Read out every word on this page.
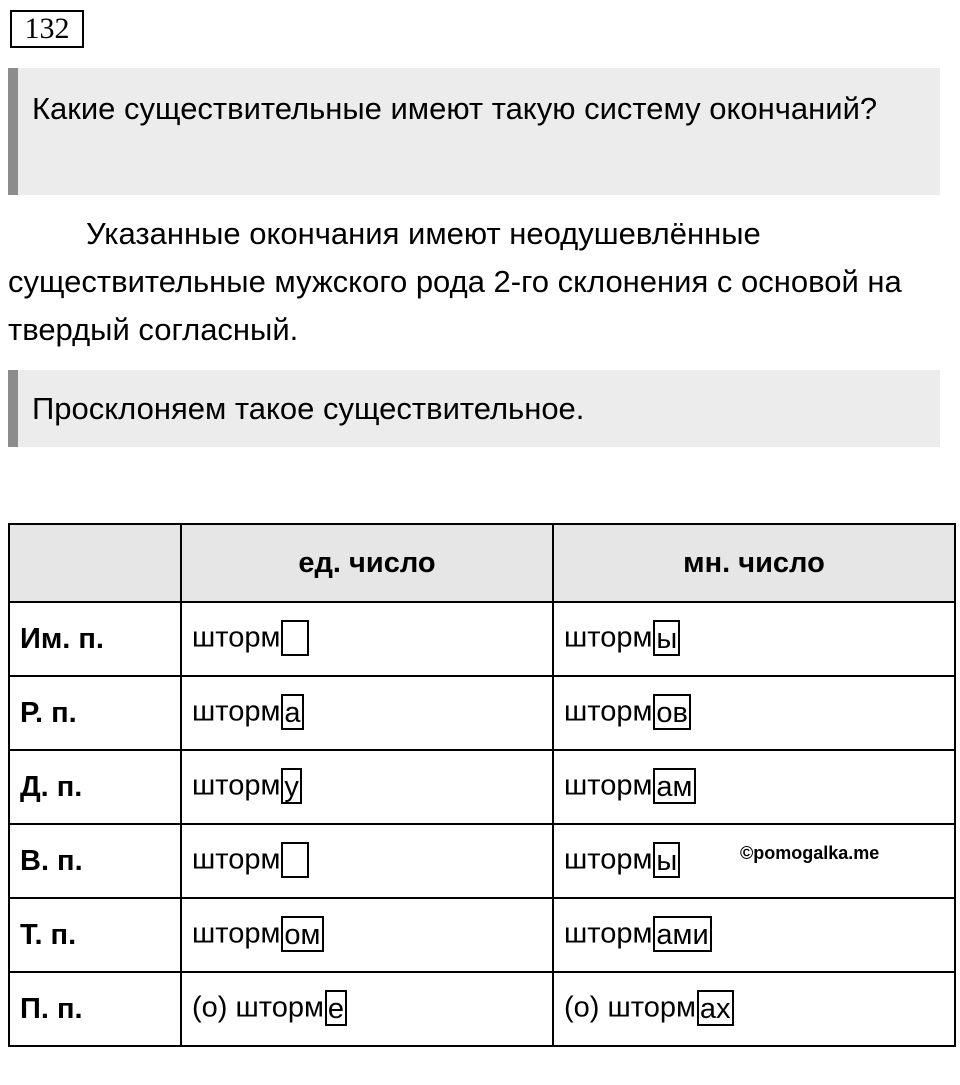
132
Какие существительные имеют такую систему окончаний?
Указанные окончания имеют неодушевлённые существительные мужского рода 2-го склонения с основой на твердый согласный.
Просклоняем такое существительное.
	ед. число	мн. число
Им. п.	шторм	шторм ы
Р. п.	шторм а	шторм ов
Д. п.	шторм у	шторм ам
В. п.	шторм	шторм ы
Т. п.	шторм ом	шторм ами
П. п.	(о) шторм е	(о) шторм ах
©pomogalka.me
